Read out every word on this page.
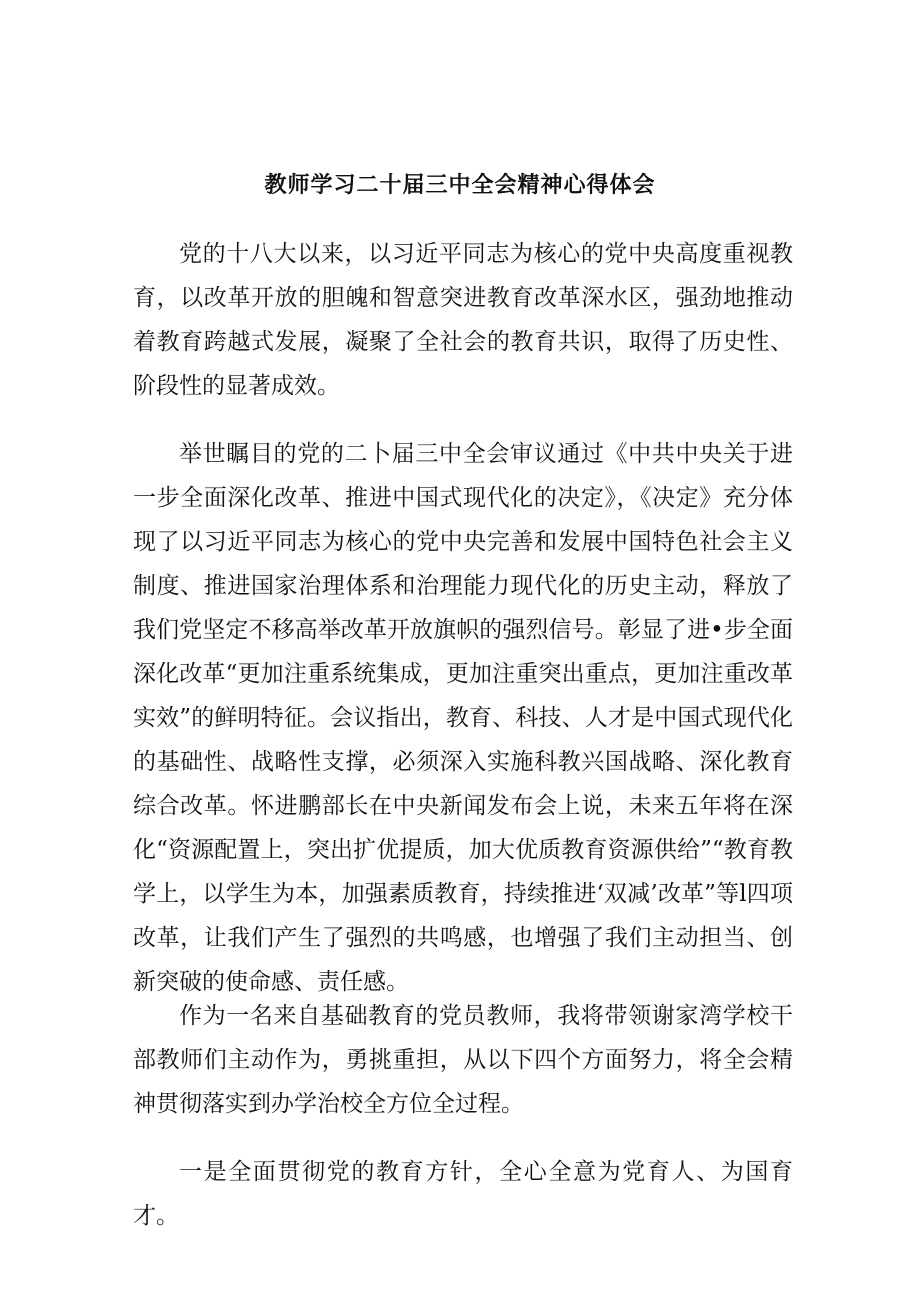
教师学习二十届三中全会精神心得体会

党的十八大以来，以习近平同志为核心的党中央高度重视教育，以改革开放的胆魄和智意突进教育改革深水区，强劲地推动着教育跨越式发展，凝聚了全社会的教育共识，取得了历史性、阶段性的显著成效。

举世瞩目的党的二卜届三中全会审议通过《中共中央关于进一步全面深化改革、推进中国式现代化的决定》，《决定》充分体现了以习近平同志为核心的党中央完善和发展中国特色社会主义制度、推进国家治理体系和治理能力现代化的历史主动，释放了我们党坚定不移高举改革开放旗帜的强烈信号。彰显了进•步全面深化改革“更加注重系统集成，更加注重突出重点，更加注重改革实效”的鲜明特征。会议指出，教育、科技、人才是中国式现代化的基础性、战略性支撑，必须深入实施科教兴国战略、深化教育综合改革。怀进鹏部长在中央新闻发布会上说，未来五年将在深化“资源配置上，突出扩优提质，加大优质教育资源供给”“教育教学上，以学生为本，加强素质教育，持续推进‘双减’改革”等l四项改革，让我们产生了强烈的共鸣感，也增强了我们主动担当、创新突破的使命感、责任感。

作为一名来自基础教育的党员教师，我将带领谢家湾学校干部教师们主动作为，勇挑重担，从以下四个方面努力，将全会精神贯彻落实到办学治校全方位全过程。

一是全面贯彻党的教育方针，全心全意为党育人、为国育才。
